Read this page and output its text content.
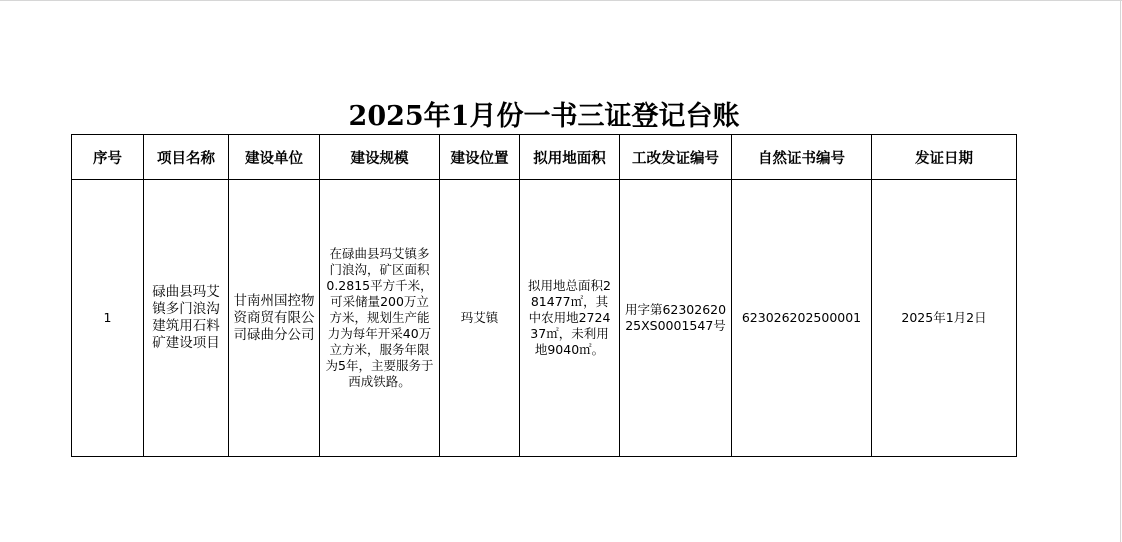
2025年1月份一书三证登记台账
序号	项目名称	建设单位	建设规模	建设位置	拟用地面积	工改发证编号	自然证书编号	发证日期
1	碌曲县玛艾镇多门浪沟建筑用石料矿建设项目	甘南州国控物资商贸有限公司碌曲分公司	在碌曲县玛艾镇多门浪沟，矿区面积0.2815平方千米，可采储量200万立方米，规划生产能力为每年开采40万立方米，服务年限为5年，主要服务于西成铁路。	玛艾镇	拟用地总面积281477㎡，其中农用地272437㎡，未利用地9040㎡。	用字第6230262025XS0001547号	623026202500001	2025年1月2日
